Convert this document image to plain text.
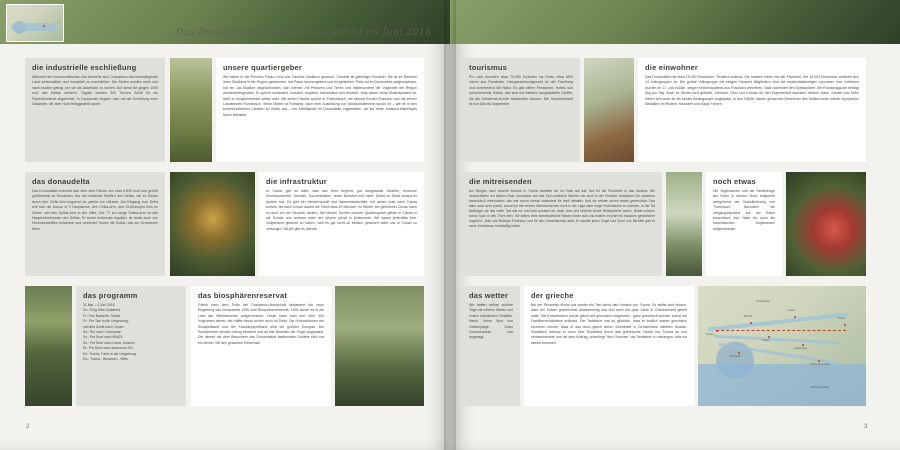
die industrielle eschließung
Während der kommunistischen Ära bemühte sich Ceaușescu das beschilegende Land wirtschaftlich und industriell zu erschließen. Die Böden wurden nach und nach trocken gelegt, um sie als Ackerland zu nutzen. Auf diese Art gingen 1000 km2 des Deltas verloren. Täglich wurden 300 Tonnen Schilf für ein Papierkombinat abgeerntet. In Caraorman begann man mit der Errichtung einer Glashütte, die aber nicht fertiggestellt wurde.
unsere quartiergeber
Wir haben in der Pension Parau Lena und Caroline Vasilikou gewohnt. Caroline ist gebürtige Rumänin. Sie ist im Rahmen ihres Studiums in die Region gekommen, hat Parau kennengelernt und ist geblieben. Petru ist im Donaudelta aufgewachsen, hat ein Jus-Studium abgeschlossen, sich intensiv mit Pflanzen und Tieren und insbesondere der Vogelwelt der Region auseinandergesetzt. Er spricht rumänisch, russisch, englisch, französisch und deutsch. Was davon seine Muttersprache ist, weiß er möglicherweise selbst nicht. Mit seiner Familie spricht er Französisch, mit seinem Bruder Russisch und mit seinen Landsleuten Rumänisch. Seine Mutter ist Rumänin; nach ihrer Ausbildung zur Volksschullehrerin wurde ihr – wie es in den kommunistischen Ländern so üblich war – ein Arbeitsplatz im Donaudelta zugewiesen, wo sie einen russisch-stämmigen Mann heiratete.
das donaudelta
Das Donaudelta erstreckt sich über eine Fläche von etwa 5.800 km2 und gehört größtenteils zu Rumänien. Nur der nördliche Streifen des Deltas, der im Süden durch den Chilia-Arm begrenzt ist, gehört zur Ukraine. Am Eingang zum Delta teilt sich die Donau in 3 Hauptarme, den Chilia-Arm, den St.Gheorghe-Arm im Süden und den Sulina-Arm in der Mitte. Der 71 km lange Sulina-Arm ist alle Hauptverkehrsader des Deltas. Er wurde mehrmals reguliert. Ist heute auch von Hochseeschiffen befahrbar und verbindet Tulcea mit Sulina, das am Schwarzen Meer.
die infrastruktur
In Tulcea gibt es alles, was das Herz begehrt, gut ausgebaute Straßen, moderne Hochhausviertel, Schulen, Souvenirläden, einen Bahnhof und mehr. Direkt im Delta schaut es anders aus. Es gibt ein Verkehrsschiff und Sammeltaxischiffe, mit denen man nach Tulcea kommt, bis nach Crișan dauert die Fahrt etwa 45 Minuten. Im Winter, bei gefrorener Donau kann es auch ein der Stunden dauern. Die beiden Töchter unserer Quartiergeber gehen in Tulcea in die Schule und wohnen unter der Woche privat in Untermiete. Wir waren jedenfalls froh, Vollpension gebucht zu haben, weil es gar nicht so einfach gewesen wäre uns in Crișan zu versorgen. WLAN gibt es überall.
das programm
31.Mai – 4.Juni 2018
Do.: Flug Wien-Bukarest
Fr.: Taxi Bukarest-Tulcea
Fr.: Per Taxi in die Umgebung;
mit dem Schiff nach Crișan
Sa.: Per nach Caraorman
So.: Per Boot nach Mila23
So.: Per Boot nach Letea, Kutsche
Di.: Per Boot nach anaorman-Ort
Mi.: Tulcea, Fahrt in die Umgebung
Do.: Tulcea - Bukarest – Wien
das biosphärenreservat
Gleich nach dem Ende der Ceaușescu-Herrschaft deklarierte die neue Regierung das Donaudelta 1990 zum Biosphärenreservat. 1993 wurde es in die Liste der Weltnaturerbe aufgenommen. Heute kann man dort über 300 Vogelarten sehen, die Hälfte davon brüten auch im Delta. Die Hörkokolonien der Rosapelikane und der Krauskopfpelikane sind die größten Europas. Die Schutzzonen werden streng bewacht und an alle Bruteilen der Vögel angepasst. Die derzeit mit dem Besuchern des Donaudeltas bestimmten Gebiete sind nur ein kleiner Teil des gesamten Reservats.
2
tourismus
Pro Jahr kommen etwa 70.000 Touristen ins Delta, etwa 60% davon aus Rumänien. Hauptanziehungspunkt ist der Fischfang und zunehmend die Natur. Es gibt kleine Pensionen, Hotels und schwimmende Hotels, das sind mit Kabinen ausgestattete Schiffe, die als Dreisterne-Kunde bestaunten können. Die Hauptreisezeit ist von Mai bis September.
die einwohner
Das Donaudelta hat etwa 15.000 Einwohner. Tendenz sinkend. Die meisten leben von der Fischerei. Die 15.000 Einwohner anderen sich 14 Volksgruppen zu. Die größte Volksgruppe mit einigen Tausend Mitgliedern sind die russischstämmigen Lipovaner, ihre Vorfahren wurden im 17. und vu18jh. wegen Kirchenspaltens aus Russland vertrieben. Nach dominiert den Speisepläne. Die Fischfangquote beträgt 4kg pro Tag. Auch im Winter wird gefischt. Gemüse, Obst und Kräuter für den Eigenbedarf wachsen hinterm Haus. Schafe und Kühe haben sich auch an die sieden Bedingungen angepasst. In den 1980er Jahren gewannen Einwohner des Deltas immer wieder olympische Medaillen im Rudern, Kanadier und Kajak Fahren.
die mitreisenden
Am Morgen nach unserer Anreise in Tulcea warteten wir im Hotel auf das Taxi für die Rundfahrt in das Umland. Wir beobachteten ein älteres Paar, besonders auf das Taxi-rundfahrt! Wahren sie auch in der Pension Volsisikouf Sie sprachen französisch miteinander; das war schon einmal zumindest für mich attraktiv. Und sie wirkten schon etwas gebrechlich. Das wäre auch sehr positiv, zumal ich mit meinen Wehwechschen nicht in der Lage wäre lange Fußmärsche zu machen. In der Tat bestiegen sie das selbe Taxi wie wir und bald wussten wir, dass Jean und Michéle ideale Reisepartner waren. Beide müssen schon hoch in den 70ern sein. Sie hatten viele abenteuerliche Reisen hinter sich und wollten es jetzt ein bisschen gemütlicher angehen. Jean war Biologie-Professor und für den Umweltschutz aktiv. Er kannte jeden Vogel und Zuruf von Michéle gab er seine Kenntnisse bereitwillig weiter.
noch etwas
Die Vogelnamen und die Reihenfolge der Fotos in diesem Buch entspricht weitgehend der Klassifizierung von "Svensson". Nächdem die Umgangssprache auf der Reise französisch war, habe ich auch die französischen Vogelnamen aufgenommen.
das wetter
Wir hatten sieben schöne Tage mit mildem Wetter und einem nächtlichen Gewitter. Nacht. Keine Spur von Gelsenplage. Guter Sonnenschutz war angesagt.
der grieche
Bei der Rückreise führte uns wieder ein Taxi durch das Umland von Tulcea. Es stellte sich heraus, dass der Fahrer griechischer Abstammung war und auch ein paar Jahre in Griechenland gelebt hatte. Die Konversation wurde gleich auf griechisch fortgesetzt - ganz griechisch wurden zuerst die Familienverhältnisse erläutert. Der Taxifahrer war so glücklich, dass er endlich wieder griechisch sprechen konnte, dass er das auch gleich seiner Schwester in Deutschland mitteilen musste. Zusätzlich schloss er noch eine Rundfahrt durch das griechische Viertel von Tulcea an und verabschiedete uns mit dem Auftrag, unbedingt "den Griechen" als Taxifahrer zu verlangen, falls wir wieder kommen.
Tulcea
Crișan
Sulina
Mila 23
Caraorman
Letea
Sfântu Gheorghe
Murighiol
Donaudelta
Schwarzes Meer
3
Das Donaudelta, gesehen und erlebt im Juni 2018
